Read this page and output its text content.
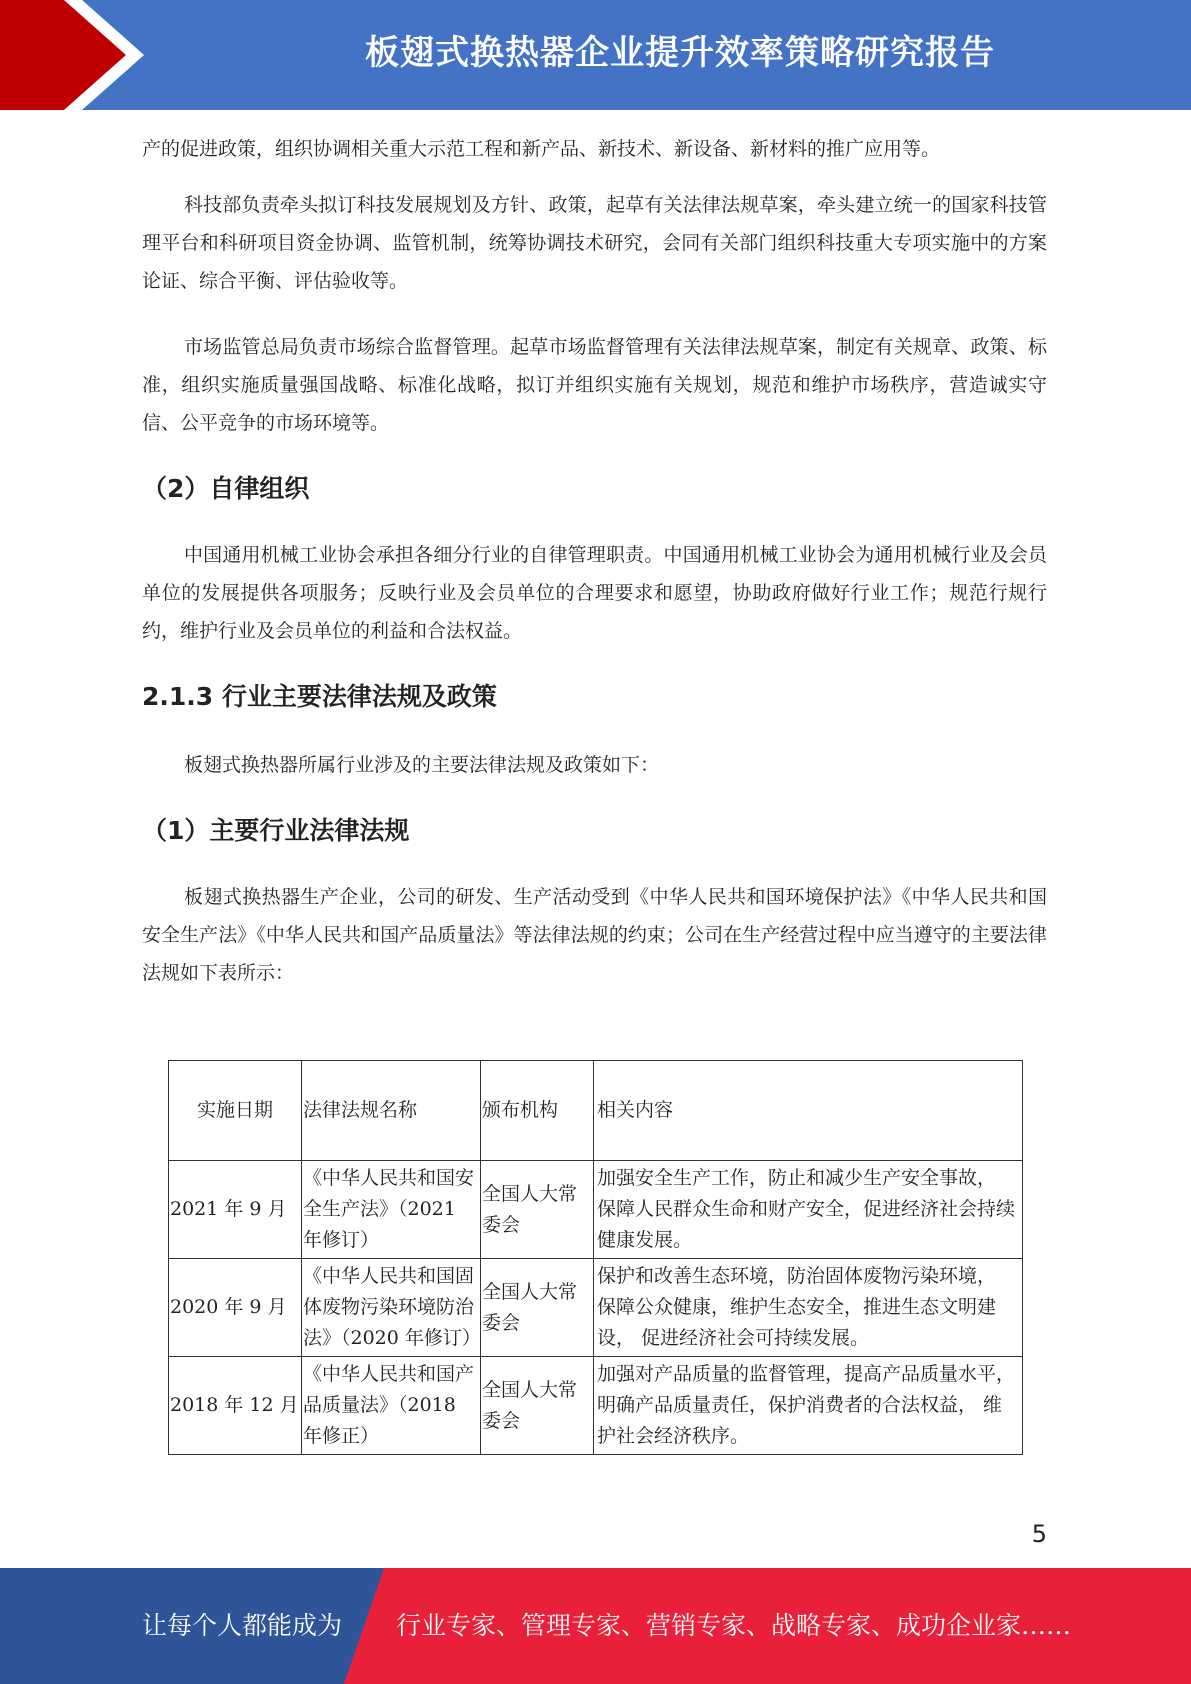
板翅式换热器企业提升效率策略研究报告

产的促进政策，组织协调相关重大示范工程和新产品、新技术、新设备、新材料的推广应用等。

科技部负责牵头拟订科技发展规划及方针、政策，起草有关法律法规草案，牵头建立统一的国家科技管理平台和科研项目资金协调、监管机制，统筹协调技术研究，会同有关部门组织科技重大专项实施中的方案论证、综合平衡、评估验收等。

市场监管总局负责市场综合监督管理。起草市场监督管理有关法律法规草案，制定有关规章、政策、标准，组织实施质量强国战略、标准化战略，拟订并组织实施有关规划，规范和维护市场秩序，营造诚实守信、公平竞争的市场环境等。

（2）自律组织

中国通用机械工业协会承担各细分行业的自律管理职责。中国通用机械工业协会为通用机械行业及会员单位的发展提供各项服务；反映行业及会员单位的合理要求和愿望，协助政府做好行业工作；规范行规行约，维护行业及会员单位的利益和合法权益。

2.1.3 行业主要法律法规及政策

板翅式换热器所属行业涉及的主要法律法规及政策如下：

（1）主要行业法律法规

板翅式换热器生产企业，公司的研发、生产活动受到《中华人民共和国环境保护法》《中华人民共和国安全生产法》《中华人民共和国产品质量法》等法律法规的约束；公司在生产经营过程中应当遵守的主要法律法规如下表所示：

实施日期	法律法规名称	颁布机构	相关内容
2021 年 9 月	《中华人民共和国安全生产法》（2021 年修订）	全国人大常委会	加强安全生产工作，防止和减少生产安全事故， 保障人民群众生命和财产安全，促进经济社会持续 健康发展。
2020 年 9 月	《中华人民共和国固体废物污染环境防治法》（2020 年修订）	全国人大常委会	保护和改善生态环境，防治固体废物污染环境， 保障公众健康，维护生态安全，推进生态文明建设， 促进经济社会可持续发展。
2018 年 12 月	《中华人民共和国产品质量法》（2018 年修正）	全国人大常委会	加强对产品质量的监督管理，提高产品质量水平，明确产品质量责任，保护消费者的合法权益， 维护社会经济秩序。
5
让每个人都能成为 行业专家、管理专家、营销专家、战略专家、成功企业家……
